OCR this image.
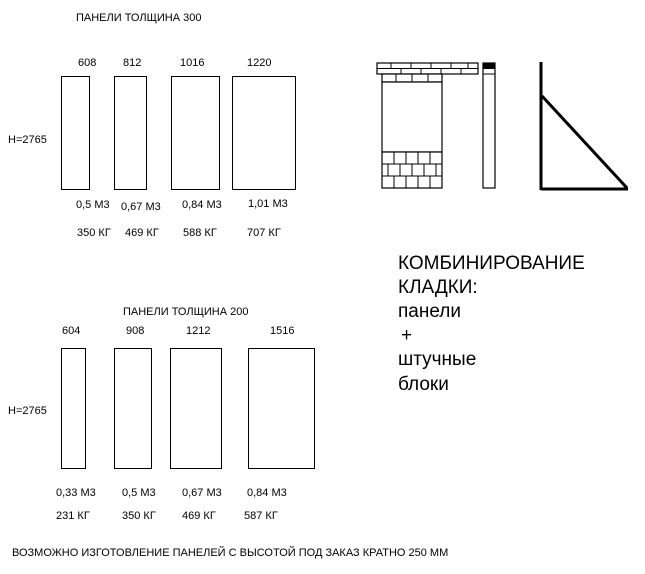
ПАНЕЛИ ТОЛЩИНА 300
H=2765
608 812	1016	1220
0,5 М3 0,67 М3 0,84 М3 1,01 М3
350 КГ 469 КГ 588 КГ	707 КГ
ПАНЕЛИ ТОЛЩИНА 200
H=2765
604	908	1212	1516
0,33 М3 0,5 М3 0,67 М3 0,84 М3
231 КГ	350 КГ 469 КГ	587 КГ
КОМБИНИРОВАНИЕ
КЛАДКИ:
панели
+
штучные
блоки
ВОЗМОЖНО ИЗГОТОВЛЕНИЕ ПАНЕЛЕЙ С ВЫСОТОЙ ПОД ЗАКАЗ КРАТНО 250 ММ
